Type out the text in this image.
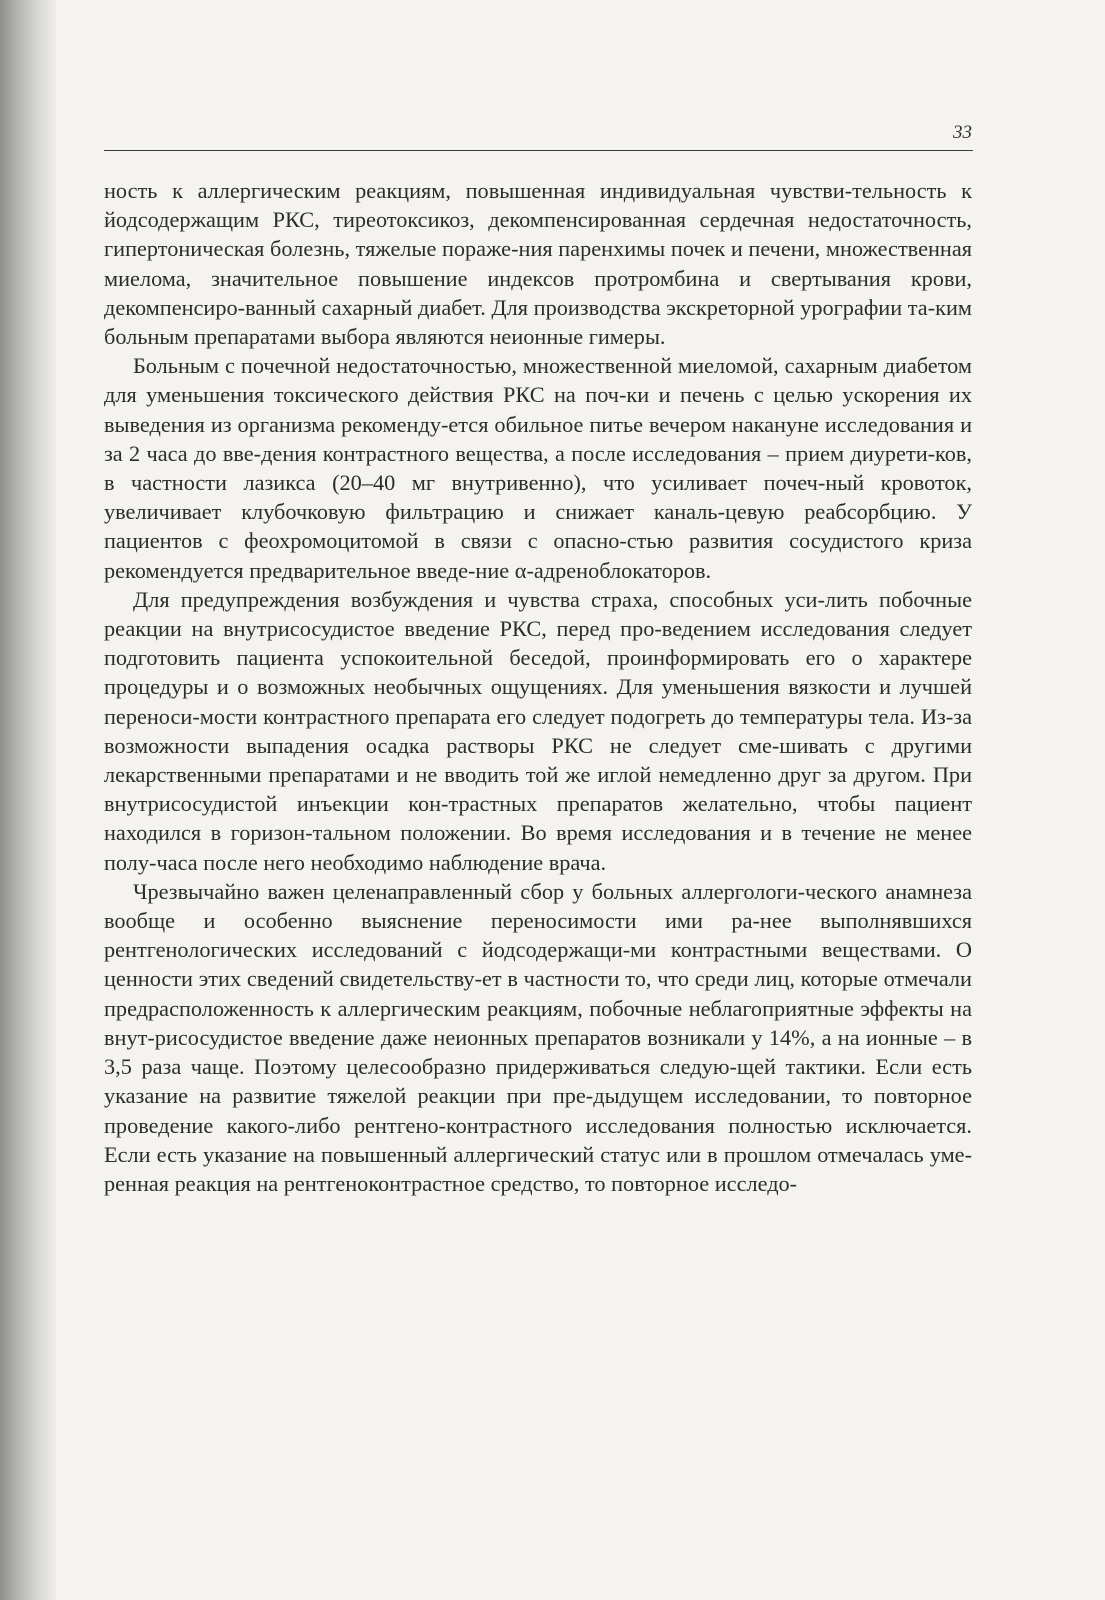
33

ность к аллергическим реакциям, повышенная индивидуальная чувстви-тельность к йодсодержащим РКС, тиреотоксикоз, декомпенсированная сердечная недостаточность, гипертоническая болезнь, тяжелые пораже-ния паренхимы почек и печени, множественная миелома, значительное повышение индексов протромбина и свертывания крови, декомпенсиро-ванный сахарный диабет. Для производства экскреторной урографии та-ким больным препаратами выбора являются неионные гимеры.

Больным с почечной недостаточностью, множественной миеломой, сахарным диабетом для уменьшения токсического действия РКС на поч-ки и печень с целью ускорения их выведения из организма рекоменду-ется обильное питье вечером накануне исследования и за 2 часа до вве-дения контрастного вещества, а после исследования – прием диурети-ков, в частности лазикса (20–40 мг внутривенно), что усиливает почеч-ный кровоток, увеличивает клубочковую фильтрацию и снижает каналь-цевую реабсорбцию. У пациентов с феохромоцитомой в связи с опасно-стью развития сосудистого криза рекомендуется предварительное введе-ние α-адреноблокаторов.

Для предупреждения возбуждения и чувства страха, способных уси-лить побочные реакции на внутрисосудистое введение РКС, перед про-ведением исследования следует подготовить пациента успокоительной беседой, проинформировать его о характере процедуры и о возможных необычных ощущениях. Для уменьшения вязкости и лучшей переноси-мости контрастного препарата его следует подогреть до температуры тела. Из-за возможности выпадения осадка растворы РКС не следует сме-шивать с другими лекарственными препаратами и не вводить той же иглой немедленно друг за другом. При внутрисосудистой инъекции кон-трастных препаратов желательно, чтобы пациент находился в горизон-тальном положении. Во время исследования и в течение не менее полу-часа после него необходимо наблюдение врача.

Чрезвычайно важен целенаправленный сбор у больных аллергологи-ческого анамнеза вообще и особенно выяснение переносимости ими ра-нее выполнявшихся рентгенологических исследований с йодсодержащи-ми контрастными веществами. О ценности этих сведений свидетельству-ет в частности то, что среди лиц, которые отмечали предрасположенность к аллергическим реакциям, побочные неблагоприятные эффекты на внут-рисосудистое введение даже неионных препаратов возникали у 14%, а на ионные – в 3,5 раза чаще. Поэтому целесообразно придерживаться следую-щей тактики. Если есть указание на развитие тяжелой реакции при пре-дыдущем исследовании, то повторное проведение какого-либо рентгено-контрастного исследования полностью исключается. Если есть указание на повышенный аллергический статус или в прошлом отмечалась уме-ренная реакция на рентгеноконтрастное средство, то повторное исследо-
